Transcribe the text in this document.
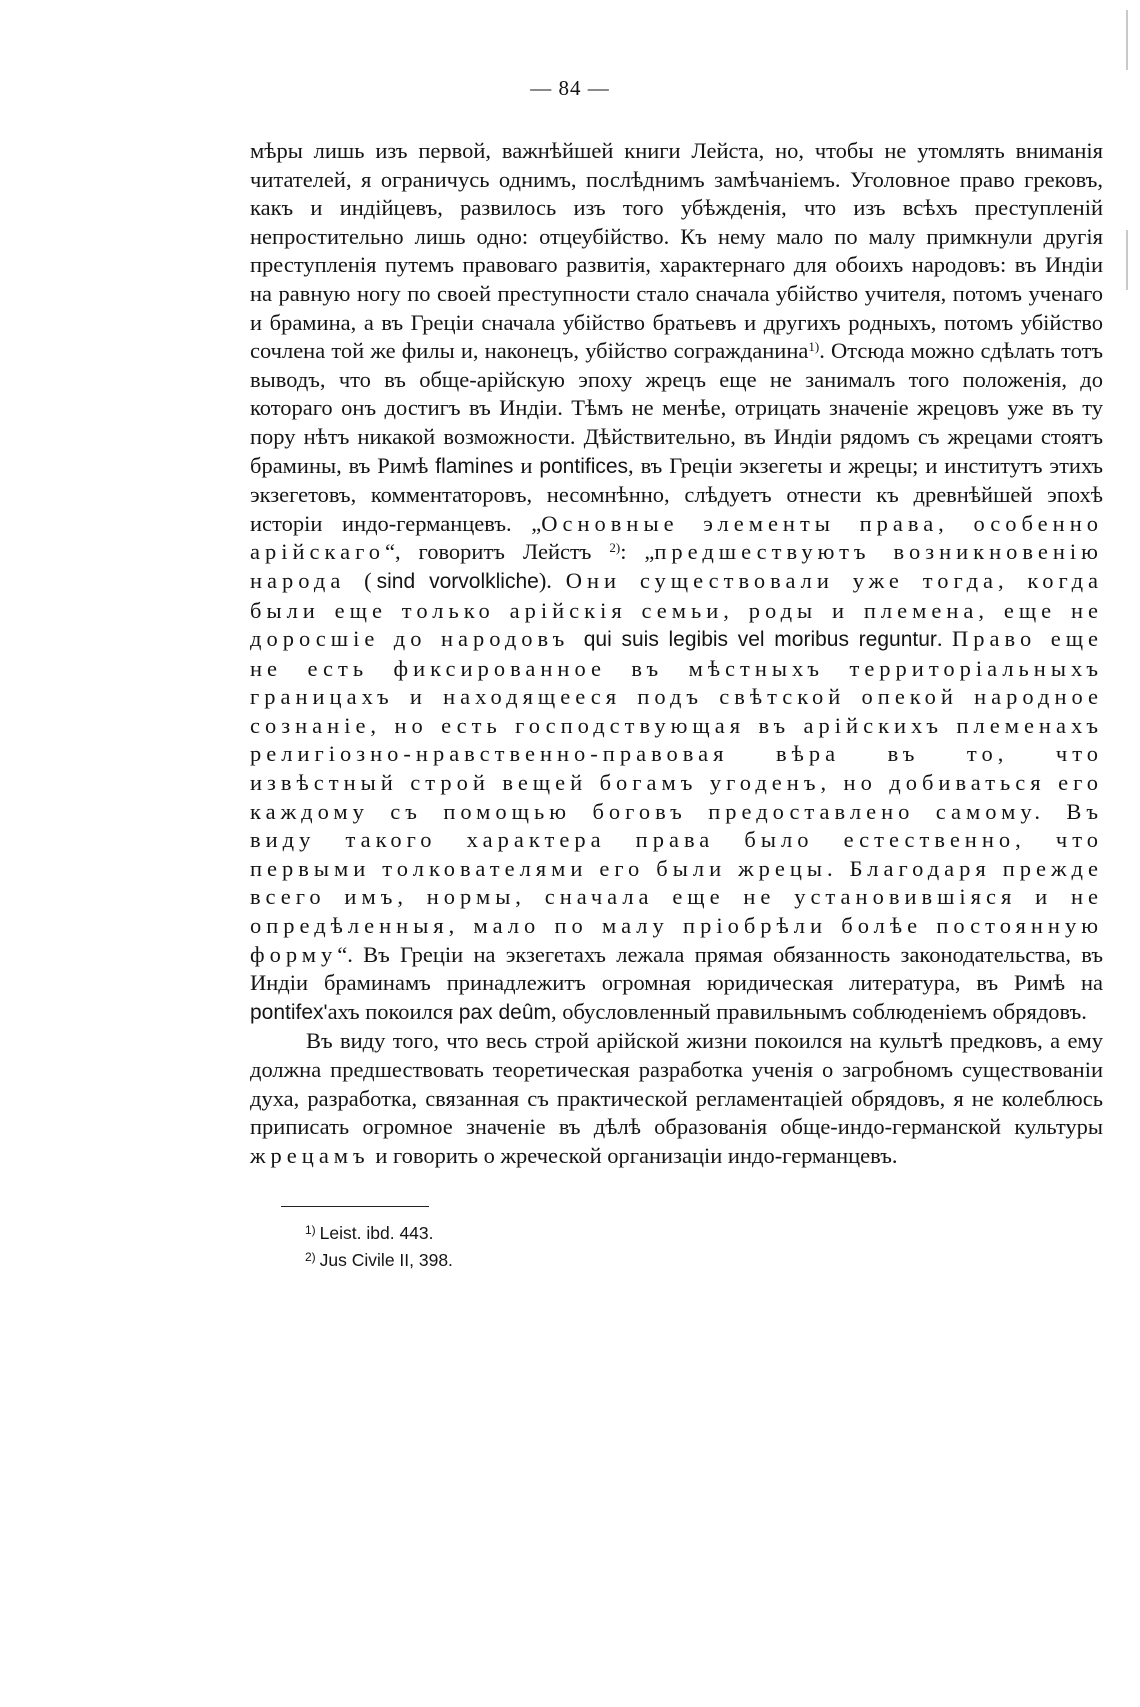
— 84 —

мѣры лишь изъ первой, важнѣйшей книги Лейста, но, чтобы не утомлять вниманія читателей, я ограничусь однимъ, послѣднимъ замѣчаніемъ. Уголовное право грековъ, какъ и индійцевъ, развилось изъ того убѣжденія, что изъ всѣхъ преступленій непростительно лишь одно: отцеубійство. Къ нему мало по малу примкнули другія преступленія путемъ правоваго развитія, характернаго для обоихъ народовъ: въ Индіи на равную ногу по своей преступности стало сначала убійство учителя, потомъ ученаго и брамина, а въ Греціи сначала убійство братьевъ и другихъ родныхъ, потомъ убійство сочлена той же филы и, наконецъ, убійство согражданина$^{1)}$. Отсюда можно сдѣлать тотъ выводъ, что въ обще-арійскую эпоху жрецъ еще не занималъ того положенія, до котораго онъ достигъ въ Индіи. Тѣмъ не менѣе, отрицать значеніе жрецовъ уже въ ту пору нѣтъ никакой возможности. Дѣйствительно, въ Индіи рядомъ съ жрецами стоятъ брамины, въ Римѣ flamines и pontifices, въ Греціи экзегеты и жрецы; и институтъ этихъ экзегетовъ, комментаторовъ, несомнѣнно, слѣдуетъ отнести къ древнѣйшей эпохѣ исторіи индо-германцевъ. „Основные элементы права, особенно арійскаго“, говоритъ Лейстъ $^{2)}$: „предшествуютъ возникновенію народа (sind vorvolkliche). Они существовали уже тогда, когда были еще только арійскія семьи, роды и племена, еще не доросшіе до народовъ qui suis legibis vel moribus reguntur. Право еще не есть фиксированное въ мѣстныхъ территоріальныхъ границахъ и находящееся подъ свѣтской опекой народное сознаніе, но есть господствующая въ арійскихъ племенахъ религіозно-нравственно-правовая вѣра въ то, что извѣстный строй вещей богамъ угоденъ, но добиваться его каждому съ помощью боговъ предоставлено самому. Въ виду такого характера права было естественно, что первыми толкователями его были жрецы. Благодаря прежде всего имъ, нормы, сначала еще не установившіяся и не опредѣленныя, мало по малу пріобрѣли болѣе постоянную форму“. Въ Греціи на экзегетахъ лежала прямая обязанность законодательства, въ Индіи браминамъ принадлежитъ огромная юридическая литература, въ Римѣ на pontifex'ахъ покоился pax deûm, обусловленный правильнымъ соблюденіемъ обрядовъ.

Въ виду того, что весь строй арійской жизни покоился на культѣ предковъ, а ему должна предшествовать теоретическая разработка ученія о загробномъ существованіи духа, разработка, связанная съ практической регламентаціей обрядовъ, я не колеблюсь приписать огромное значеніе въ дѣлѣ образованія обще-индо-германской культуры жрецамъ и говорить о жреческой организаціи индо-германцевъ.

$^{1)}$ Leist. ibd. 443.
$^{2)}$ Jus Civile II, 398.
